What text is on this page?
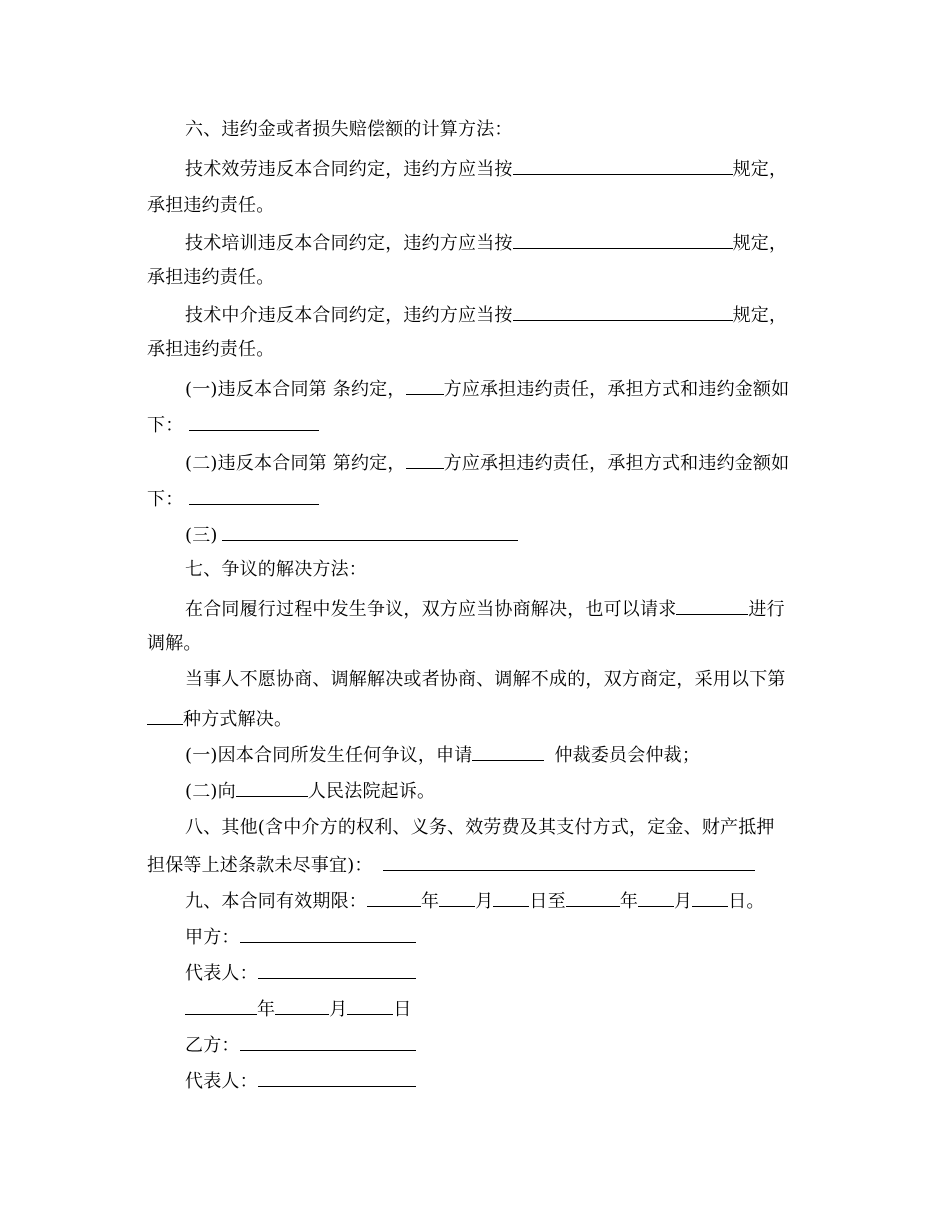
六、违约金或者损失赔偿额的计算方法：
技术效劳违反本合同约定，违约方应当按	规定，
承担违约责任。
技术培训违反本合同约定，违约方应当按	规定，
承担违约责任。
技术中介违反本合同约定，违约方应当按	规定，
承担违约责任。
(一)违反本合同第 条约定， 方应承担违约责任，承担方式和违约金额如
下：
(二)违反本合同第 第约定， 方应承担违约责任，承担方式和违约金额如
下：
(三)
七、争议的解决方法：
在合同履行过程中发生争议，双方应当协商解决，也可以请求	进行
调解。
当事人不愿协商、调解解决或者协商、调解不成的，双方商定，采用以下第
种方式解决。
(一)因本合同所发生任何争议，申请	仲裁委员会仲裁；
(二)向	人民法院起诉。
八、其他(含中介方的权利、义务、效劳费及其支付方式，定金、财产抵押
担保等上述条款未尽事宜)：
九、本合同有效期限：	年 月 日至	年 月 日。
甲方：
代表人：
年	月	日
乙方：
代表人：
